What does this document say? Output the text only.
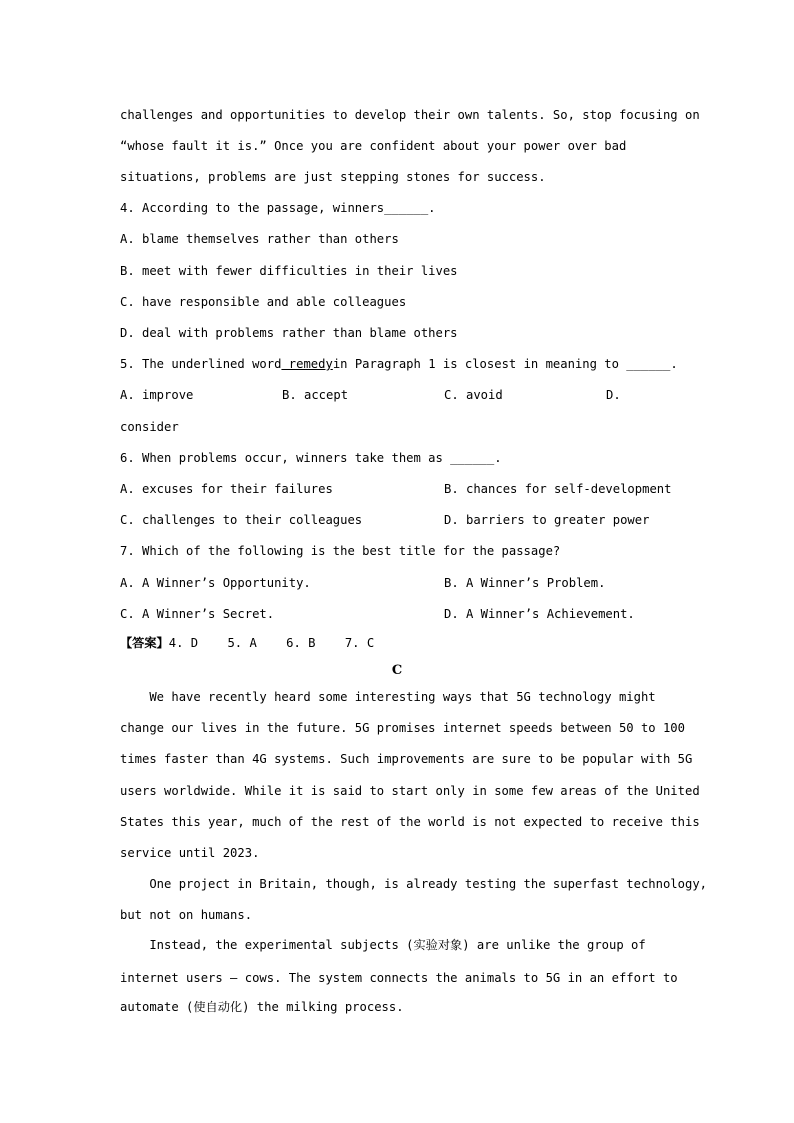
challenges and opportunities to develop their own talents. So, stop focusing on
“whose fault it is.” Once you are confident about your power over bad
situations, problems are just stepping stones for success.
4. According to the passage, winners______.
A. blame themselves rather than others
B. meet with fewer difficulties in their lives
C. have responsible and able colleagues
D. deal with problems rather than blame others
5. The underlined word remedyin Paragraph 1 is closest in meaning to ______.
A. improve	B. accept	C. avoid	D.
consider
6. When problems occur, winners take them as ______.
A. excuses for their failures	B. chances for self-development
C. challenges to their colleagues	D. barriers to greater power
7. Which of the following is the best title for the passage?
A. A Winner’s Opportunity.	B. A Winner’s Problem.
C. A Winner’s Secret.	D. A Winner’s Achievement.
【答案】4. D    5. A    6. B    7. C
C
We have recently heard some interesting ways that 5G technology might
change our lives in the future. 5G promises internet speeds between 50 to 100
times faster than 4G systems. Such improvements are sure to be popular with 5G
users worldwide. While it is said to start only in some few areas of the United
States this year, much of the rest of the world is not expected to receive this
service until 2023.
One project in Britain, though, is already testing the superfast technology,
but not on humans.
Instead, the experimental subjects (实验对象) are unlike the group of
internet users — cows. The system connects the animals to 5G in an effort to
automate (使自动化) the milking process.
